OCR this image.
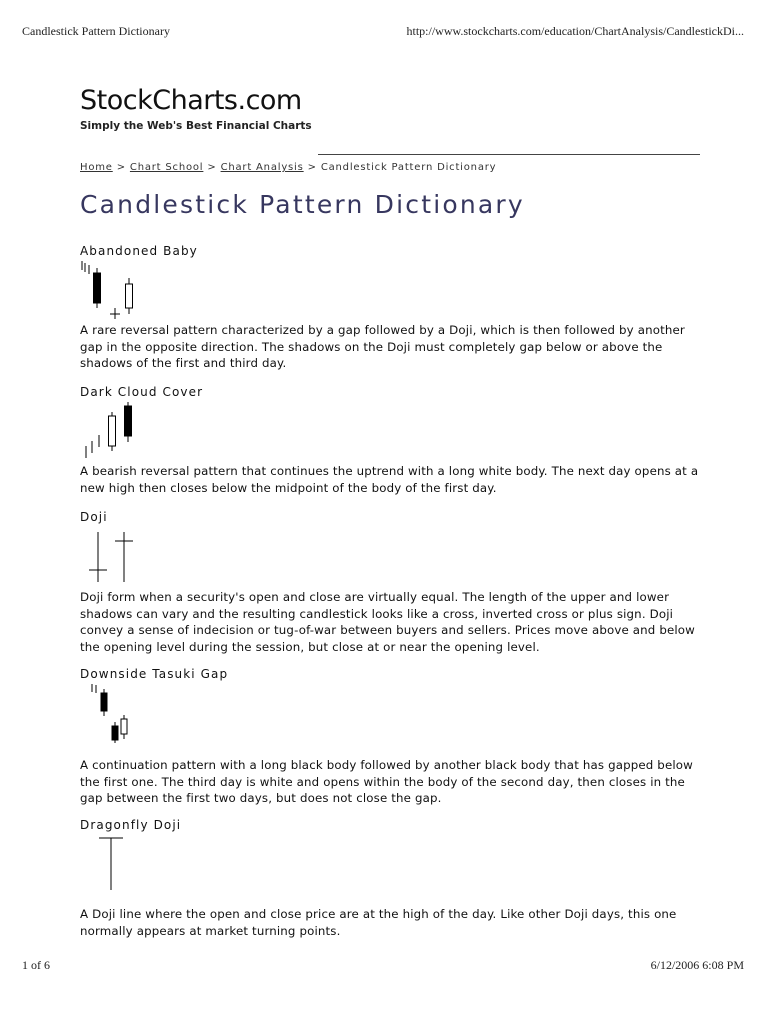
Candlestick Pattern Dictionary	http://www.stockcharts.com/education/ChartAnalysis/CandlestickDi...
StockCharts.com
Simply the Web's Best Financial Charts
Home > Chart School > Chart Analysis > Candlestick Pattern Dictionary
Candlestick Pattern Dictionary
Abandoned Baby

A rare reversal pattern characterized by a gap followed by a Doji, which is then followed by another gap in the opposite direction. The shadows on the Doji must completely gap below or above the shadows of the first and third day.

Dark Cloud Cover

A bearish reversal pattern that continues the uptrend with a long white body. The next day opens at a new high then closes below the midpoint of the body of the first day.

Doji

Doji form when a security's open and close are virtually equal. The length of the upper and lower shadows can vary and the resulting candlestick looks like a cross, inverted cross or plus sign. Doji convey a sense of indecision or tug-of-war between buyers and sellers. Prices move above and below the opening level during the session, but close at or near the opening level.

Downside Tasuki Gap

A continuation pattern with a long black body followed by another black body that has gapped below the first one. The third day is white and opens within the body of the second day, then closes in the gap between the first two days, but does not close the gap.

Dragonfly Doji

A Doji line where the open and close price are at the high of the day. Like other Doji days, this one normally appears at market turning points.

1 of 6	6/12/2006 6:08 PM
